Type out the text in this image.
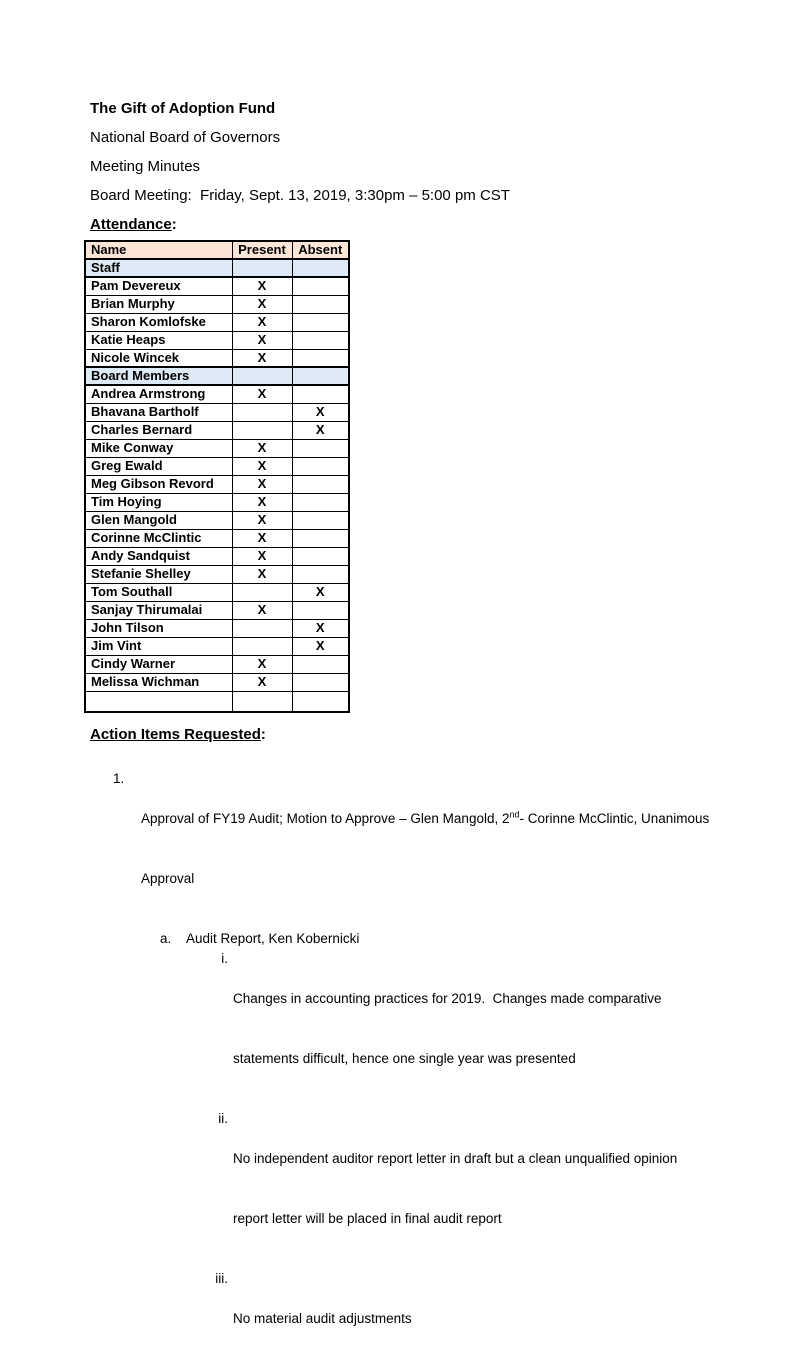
The Gift of Adoption Fund
National Board of Governors
Meeting Minutes
Board Meeting:  Friday, Sept. 13, 2019, 3:30pm – 5:00 pm CST
Attendance:
Name	Present	Absent
Staff		
Pam Devereux	X	
Brian Murphy	X	
Sharon Komlofske	X	
Katie Heaps	X	
Nicole Wincek	X	
Board Members		
Andrea Armstrong	X	
Bhavana Bartholf		X
Charles Bernard		X
Mike Conway	X	
Greg Ewald	X	
Meg Gibson Revord	X	
Tim Hoying	X	
Glen Mangold	X	
Corinne McClintic	X	
Andy Sandquist	X	
Stefanie Shelley	X	
Tom Southall		X
Sanjay Thirumalai	X	
John Tilson		X
Jim Vint		X
Cindy Warner	X	
Melissa Wichman	X	

Action Items Requested:
1.

Approval of FY19 Audit; Motion to Approve – Glen Mangold, 2nd- Corinne McClintic, Unanimous

Approval

a.	Audit Report, Ken Kobernicki
i.

Changes in accounting practices for 2019.  Changes made comparative

statements difficult, hence one single year was presented

ii.

No independent auditor report letter in draft but a clean unqualified opinion

report letter will be placed in final audit report

iii.

No material audit adjustments
